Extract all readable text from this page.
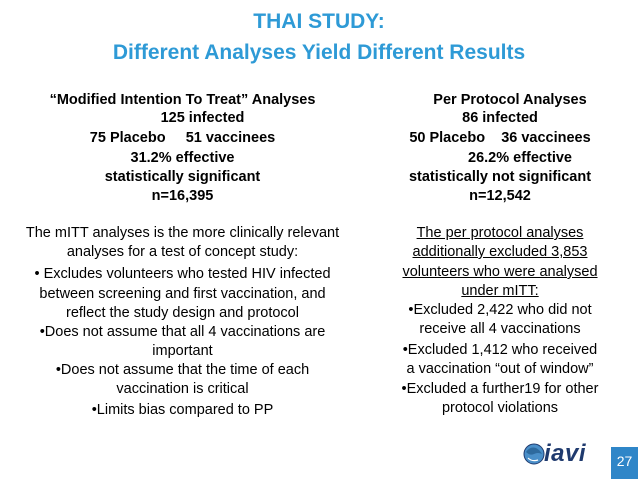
THAI STUDY:
Different Analyses Yield Different Results
“Modified Intention To Treat” Analyses
125 infected
75 Placebo     51 vaccinees
31.2% effective
statistically significant
n=16,395
Per Protocol Analyses
86 infected
50 Placebo    36 vaccinees
26.2% effective
statistically not significant
n=12,542
The mITT analyses is the more clinically relevant
analyses for a test of concept study:
• Excludes volunteers who tested HIV infected
between screening and first vaccination, and
reflect the study design and protocol
•Does not assume that all 4 vaccinations are
important
•Does not assume that the time of each
vaccination is critical
•Limits bias compared to PP
The per protocol analyses
additionally excluded 3,853
volunteers who were analysed
under mITT:
•Excluded 2,422 who did not
receive all 4 vaccinations
•Excluded 1,412 who received
a vaccination “out of window”
•Excluded a further19 for other
protocol violations
iavi	27
